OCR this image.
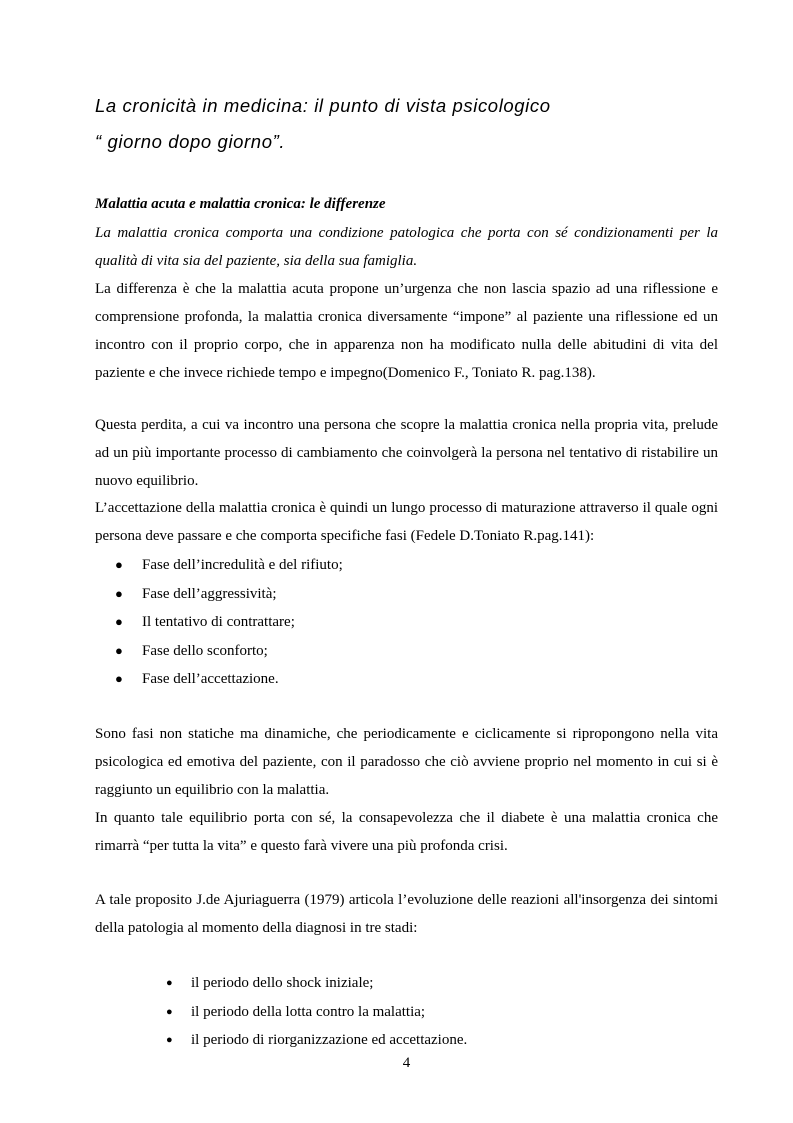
La cronicità in medicina: il punto di vista psicologico
“ giorno dopo giorno”.
Malattia acuta e malattia cronica: le differenze

La malattia cronica comporta una condizione patologica che porta con sé condizionamenti per la qualità di vita sia del paziente, sia della sua famiglia.

La differenza è che la malattia acuta propone un’urgenza che non lascia spazio ad una riflessione e comprensione profonda, la malattia cronica diversamente “impone” al paziente una riflessione ed un incontro con il proprio corpo, che in apparenza non ha modificato nulla delle abitudini di vita del paziente e che invece richiede tempo e impegno(Domenico F., Toniato R. pag.138).

Questa perdita, a cui va incontro una persona che scopre la malattia cronica nella propria vita, prelude ad un più importante processo di cambiamento che coinvolgerà la persona nel tentativo di ristabilire un nuovo equilibrio.

L’accettazione della malattia cronica è quindi un lungo processo di maturazione attraverso il quale ogni persona deve passare e che comporta specifiche fasi (Fedele D.Toniato R.pag.141):

● Fase dell’incredulità e del rifiuto;
● Fase dell’aggressività;
● Il tentativo di contrattare;
● Fase dello sconforto;
● Fase dell’accettazione.

Sono fasi non statiche ma dinamiche, che periodicamente e ciclicamente si ripropongono nella vita psicologica ed emotiva del paziente, con il paradosso che ciò avviene proprio nel momento in cui si è raggiunto un equilibrio con la malattia.

In quanto tale equilibrio porta con sé, la consapevolezza che il diabete è una malattia cronica che rimarrà “per tutta la vita” e questo farà vivere una più profonda crisi.

A tale proposito J.de Ajuriaguerra (1979) articola l’evoluzione delle reazioni all'insorgenza dei sintomi della patologia al momento della diagnosi in tre stadi:

● il periodo dello shock iniziale;
● il periodo della lotta contro la malattia;
● il periodo di riorganizzazione ed accettazione.
4
